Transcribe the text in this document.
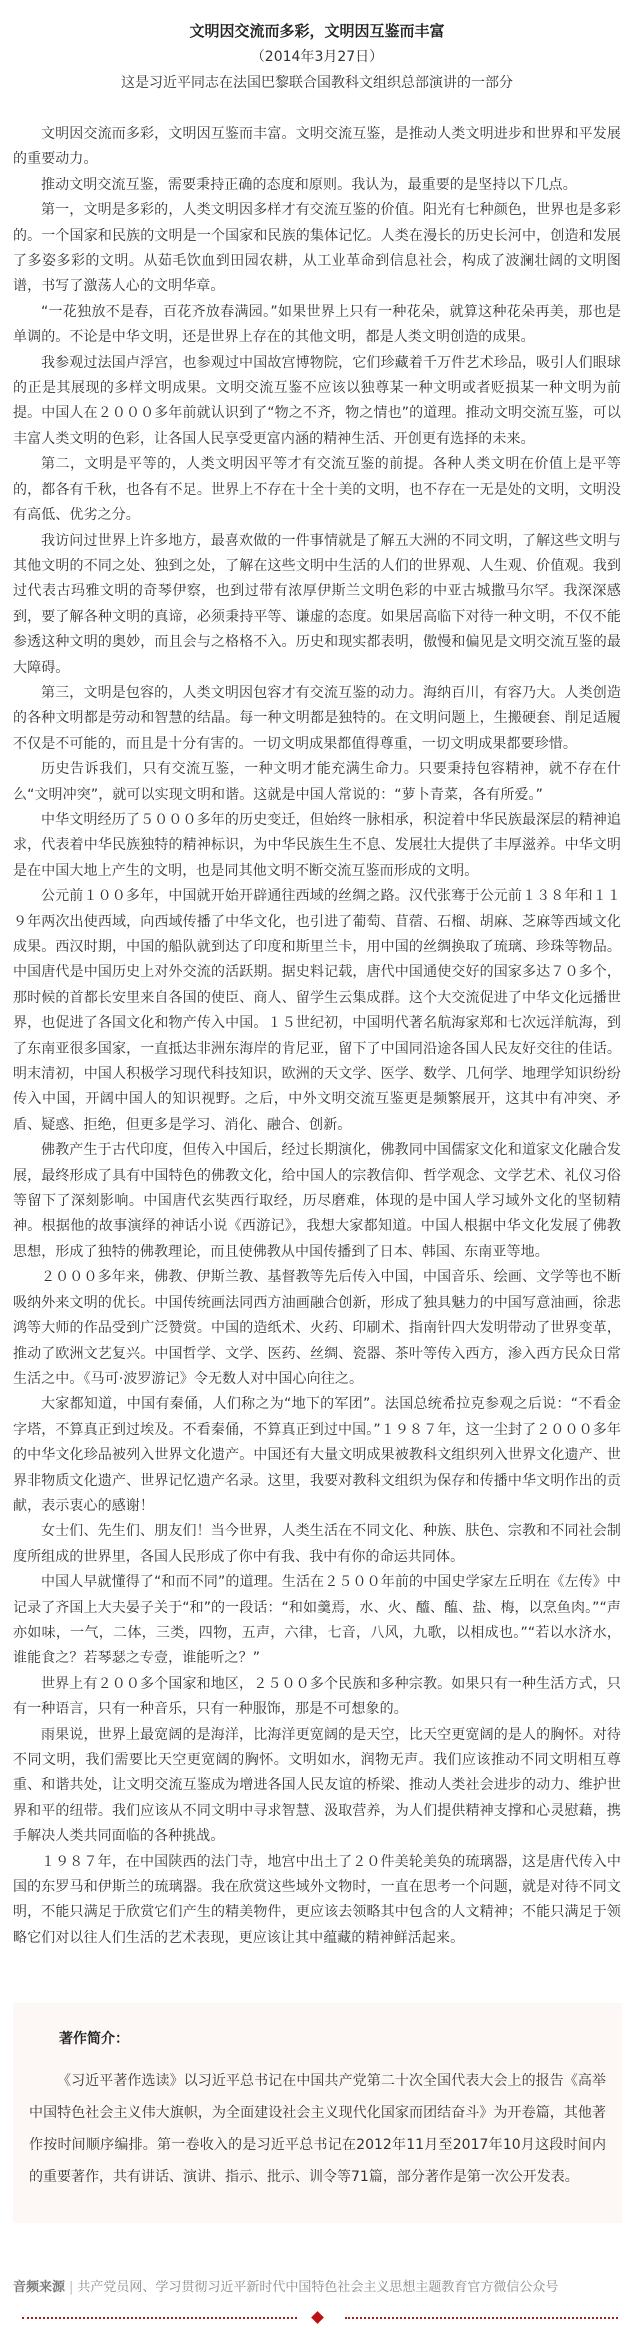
文明因交流而多彩，文明因互鉴而丰富

（2014年3月27日）

这是习近平同志在法国巴黎联合国教科文组织总部演讲的一部分

文明因交流而多彩，文明因互鉴而丰富。文明交流互鉴，是推动人类文明进步和世界和平发展的重要动力。

推动文明交流互鉴，需要秉持正确的态度和原则。我认为，最重要的是坚持以下几点。

第一，文明是多彩的，人类文明因多样才有交流互鉴的价值。阳光有七种颜色，世界也是多彩的。一个国家和民族的文明是一个国家和民族的集体记忆。人类在漫长的历史长河中，创造和发展了多姿多彩的文明。从茹毛饮血到田园农耕，从工业革命到信息社会，构成了波澜壮阔的文明图谱，书写了激荡人心的文明华章。

“一花独放不是春，百花齐放春满园。”如果世界上只有一种花朵，就算这种花朵再美，那也是单调的。不论是中华文明，还是世界上存在的其他文明，都是人类文明创造的成果。

我参观过法国卢浮宫，也参观过中国故宫博物院，它们珍藏着千万件艺术珍品，吸引人们眼球的正是其展现的多样文明成果。文明交流互鉴不应该以独尊某一种文明或者贬损某一种文明为前提。中国人在２０００多年前就认识到了“物之不齐，物之情也”的道理。推动文明交流互鉴，可以丰富人类文明的色彩，让各国人民享受更富内涵的精神生活、开创更有选择的未来。

第二，文明是平等的，人类文明因平等才有交流互鉴的前提。各种人类文明在价值上是平等的，都各有千秋，也各有不足。世界上不存在十全十美的文明，也不存在一无是处的文明，文明没有高低、优劣之分。

我访问过世界上许多地方，最喜欢做的一件事情就是了解五大洲的不同文明，了解这些文明与其他文明的不同之处、独到之处，了解在这些文明中生活的人们的世界观、人生观、价值观。我到过代表古玛雅文明的奇琴伊察，也到过带有浓厚伊斯兰文明色彩的中亚古城撒马尔罕。我深深感到，要了解各种文明的真谛，必须秉持平等、谦虚的态度。如果居高临下对待一种文明，不仅不能参透这种文明的奥妙，而且会与之格格不入。历史和现实都表明，傲慢和偏见是文明交流互鉴的最大障碍。

第三，文明是包容的，人类文明因包容才有交流互鉴的动力。海纳百川，有容乃大。人类创造的各种文明都是劳动和智慧的结晶。每一种文明都是独特的。在文明问题上，生搬硬套、削足适履不仅是不可能的，而且是十分有害的。一切文明成果都值得尊重，一切文明成果都要珍惜。

历史告诉我们，只有交流互鉴，一种文明才能充满生命力。只要秉持包容精神，就不存在什么“文明冲突”，就可以实现文明和谐。这就是中国人常说的：“萝卜青菜，各有所爱。”

中华文明经历了５０００多年的历史变迁，但始终一脉相承，积淀着中华民族最深层的精神追求，代表着中华民族独特的精神标识，为中华民族生生不息、发展壮大提供了丰厚滋养。中华文明是在中国大地上产生的文明，也是同其他文明不断交流互鉴而形成的文明。

公元前１００多年，中国就开始开辟通往西域的丝绸之路。汉代张骞于公元前１３８年和１１９年两次出使西域，向西域传播了中华文化，也引进了葡萄、苜蓿、石榴、胡麻、芝麻等西域文化成果。西汉时期，中国的船队就到达了印度和斯里兰卡，用中国的丝绸换取了琉璃、珍珠等物品。中国唐代是中国历史上对外交流的活跃期。据史料记载，唐代中国通使交好的国家多达７０多个，那时候的首都长安里来自各国的使臣、商人、留学生云集成群。这个大交流促进了中华文化远播世界，也促进了各国文化和物产传入中国。１５世纪初，中国明代著名航海家郑和七次远洋航海，到了东南亚很多国家，一直抵达非洲东海岸的肯尼亚，留下了中国同沿途各国人民友好交往的佳话。明末清初，中国人积极学习现代科技知识，欧洲的天文学、医学、数学、几何学、地理学知识纷纷传入中国，开阔中国人的知识视野。之后，中外文明交流互鉴更是频繁展开，这其中有冲突、矛盾、疑惑、拒绝，但更多是学习、消化、融合、创新。

佛教产生于古代印度，但传入中国后，经过长期演化，佛教同中国儒家文化和道家文化融合发展，最终形成了具有中国特色的佛教文化，给中国人的宗教信仰、哲学观念、文学艺术、礼仪习俗等留下了深刻影响。中国唐代玄奘西行取经，历尽磨难，体现的是中国人学习域外文化的坚韧精神。根据他的故事演绎的神话小说《西游记》，我想大家都知道。中国人根据中华文化发展了佛教思想，形成了独特的佛教理论，而且使佛教从中国传播到了日本、韩国、东南亚等地。

２０００多年来，佛教、伊斯兰教、基督教等先后传入中国，中国音乐、绘画、文学等也不断吸纳外来文明的优长。中国传统画法同西方油画融合创新，形成了独具魅力的中国写意油画，徐悲鸿等大师的作品受到广泛赞赏。中国的造纸术、火药、印刷术、指南针四大发明带动了世界变革，推动了欧洲文艺复兴。中国哲学、文学、医药、丝绸、瓷器、茶叶等传入西方，渗入西方民众日常生活之中。《马可·波罗游记》令无数人对中国心向往之。

大家都知道，中国有秦俑，人们称之为“地下的军团”。法国总统希拉克参观之后说：“不看金字塔，不算真正到过埃及。不看秦俑，不算真正到过中国。”１９８７年，这一尘封了２０００多年的中华文化珍品被列入世界文化遗产。中国还有大量文明成果被教科文组织列入世界文化遗产、世界非物质文化遗产、世界记忆遗产名录。这里，我要对教科文组织为保存和传播中华文明作出的贡献，表示衷心的感谢！

女士们、先生们、朋友们！当今世界，人类生活在不同文化、种族、肤色、宗教和不同社会制度所组成的世界里，各国人民形成了你中有我、我中有你的命运共同体。

中国人早就懂得了“和而不同”的道理。生活在２５００年前的中国史学家左丘明在《左传》中记录了齐国上大夫晏子关于“和”的一段话：“和如羹焉，水、火、醯、醢、盐、梅，以烹鱼肉。”“声亦如味，一气，二体，三类，四物，五声，六律，七音，八风，九歌，以相成也。”“若以水济水，谁能食之？若琴瑟之专壹，谁能听之？”

世界上有２００多个国家和地区，２５００多个民族和多种宗教。如果只有一种生活方式，只有一种语言，只有一种音乐，只有一种服饰，那是不可想象的。

雨果说，世界上最宽阔的是海洋，比海洋更宽阔的是天空，比天空更宽阔的是人的胸怀。对待不同文明，我们需要比天空更宽阔的胸怀。文明如水，润物无声。我们应该推动不同文明相互尊重、和谐共处，让文明交流互鉴成为增进各国人民友谊的桥梁、推动人类社会进步的动力、维护世界和平的纽带。我们应该从不同文明中寻求智慧、汲取营养，为人们提供精神支撑和心灵慰藉，携手解决人类共同面临的各种挑战。

１９８７年，在中国陕西的法门寺，地宫中出土了２０件美轮美奂的琉璃器，这是唐代传入中国的东罗马和伊斯兰的琉璃器。我在欣赏这些域外文物时，一直在思考一个问题，就是对待不同文明，不能只满足于欣赏它们产生的精美物件，更应该去领略其中包含的人文精神；不能只满足于领略它们对以往人们生活的艺术表现，更应该让其中蕴藏的精神鲜活起来。

著作简介：

《习近平著作选读》以习近平总书记在中国共产党第二十次全国代表大会上的报告《高举中国特色社会主义伟大旗帜，为全面建设社会主义现代化国家而团结奋斗》为开卷篇，其他著作按时间顺序编排。第一卷收入的是习近平总书记在2012年11月至2017年10月这段时间内的重要著作，共有讲话、演讲、指示、批示、训令等71篇，部分著作是第一次公开发表。

音频来源 | 共产党员网、学习贯彻习近平新时代中国特色社会主义思想主题教育官方微信公众号
